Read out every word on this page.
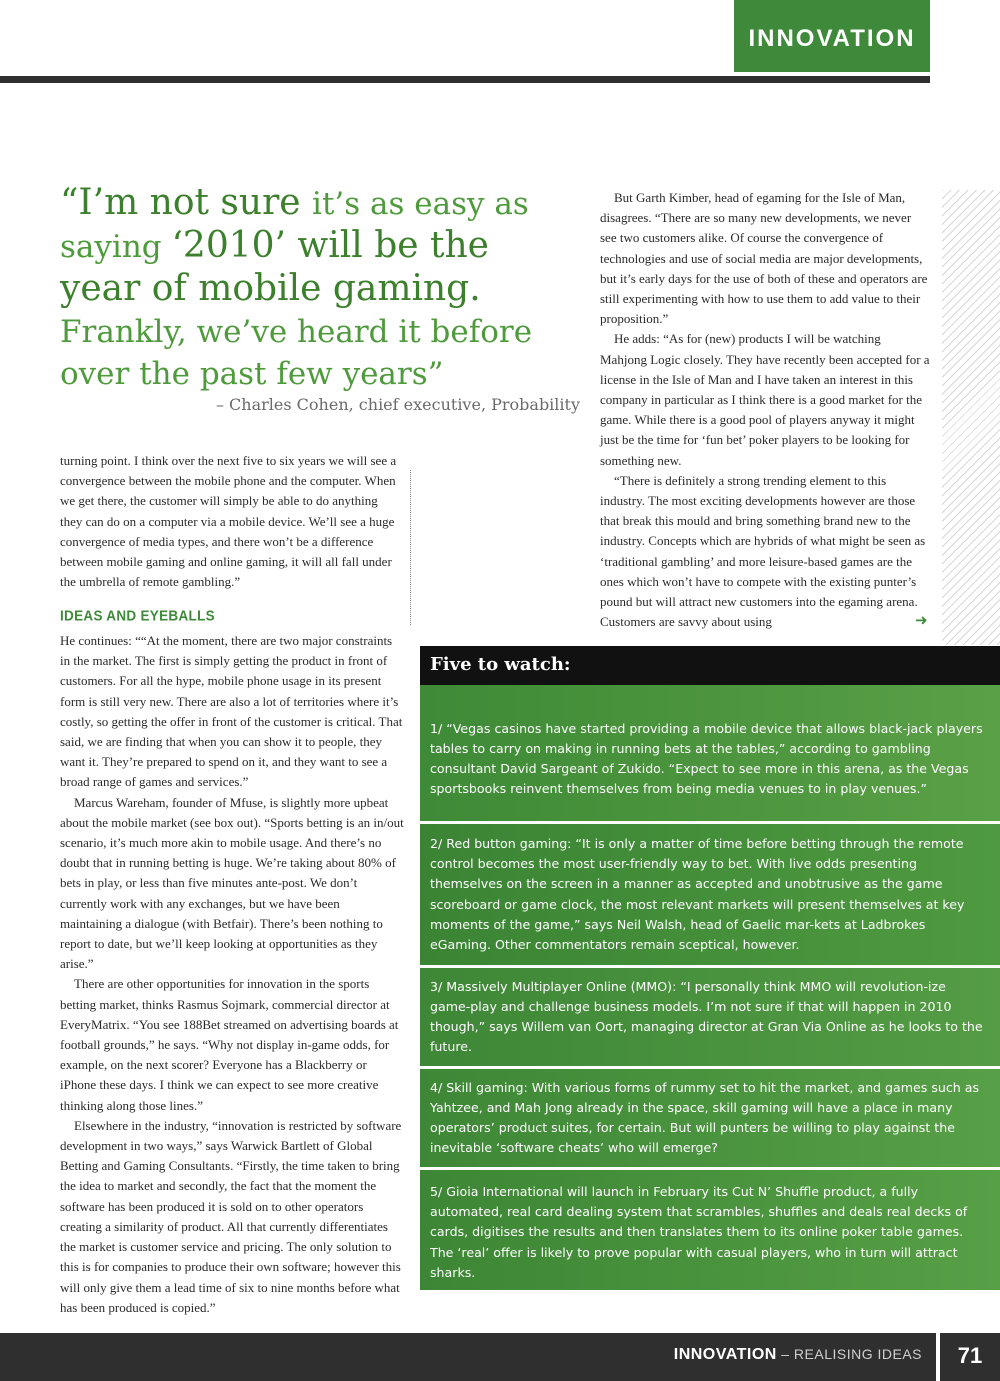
INNOVATION
“I’m not sure it’s as easy as saying ‘2010’ will be the year of mobile gaming. Frankly, we’ve heard it before over the past few years”
– Charles Cohen, chief executive, Probability

turning point. I think over the next five to six years we will see a convergence between the mobile phone and the computer. When we get there, the customer will simply be able to do anything they can do on a computer via a mobile device. We’ll see a huge convergence of media types, and there won’t be a difference between mobile gaming and online gaming, it will all fall under the umbrella of remote gambling.”

IDEAS AND EYEBALLS

He continues: ““At the moment, there are two major constraints in the market. The first is simply getting the product in front of customers. For all the hype, mobile phone usage in its present form is still very new. There are also a lot of territories where it’s costly, so getting the offer in front of the customer is critical. That said, we are finding that when you can show it to people, they want it. They’re prepared to spend on it, and they want to see a broad range of games and services.”

Marcus Wareham, founder of Mfuse, is slightly more upbeat about the mobile market (see box out). “Sports betting is an in/out scenario, it’s much more akin to mobile usage. And there’s no doubt that in running betting is huge. We’re taking about 80% of bets in play, or less than five minutes ante-post. We don’t currently work with any exchanges, but we have been maintaining a dialogue (with Betfair). There’s been nothing to report to date, but we’ll keep looking at opportunities as they arise.”

There are other opportunities for innovation in the sports betting market, thinks Rasmus Sojmark, commercial director at EveryMatrix. “You see 188Bet streamed on advertising boards at football grounds,” he says. “Why not display in-game odds, for example, on the next scorer? Everyone has a Blackberry or iPhone these days. I think we can expect to see more creative thinking along those lines.”

Elsewhere in the industry, “innovation is restricted by software development in two ways,” says Warwick Bartlett of Global Betting and Gaming Consultants. “Firstly, the time taken to bring the idea to market and secondly, the fact that the moment the software has been produced it is sold on to other operators creating a similarity of product. All that currently differentiates the market is customer service and pricing. The only solution to this is for companies to produce their own software; however this will only give them a lead time of six to nine months before what has been produced is copied.”

But Garth Kimber, head of egaming for the Isle of Man, disagrees. “There are so many new developments, we never see two customers alike. Of course the convergence of technologies and use of social media are major developments, but it’s early days for the use of both of these and operators are still experimenting with how to use them to add value to their proposition.”

He adds: “As for (new) products I will be watching Mahjong Logic closely. They have recently been accepted for a license in the Isle of Man and I have taken an interest in this company in particular as I think there is a good market for the game. While there is a good pool of players anyway it might just be the time for ‘fun bet’ poker players to be looking for something new.

“There is definitely a strong trending element to this industry. The most exciting developments however are those that break this mould and bring something brand new to the industry. Concepts which are hybrids of what might be seen as ‘traditional gambling’ and more leisure-based games are the ones which won’t have to compete with the existing punter’s pound but will attract new customers into the egaming arena. Customers are savvy about using	➜
Five to watch:
1/ “Vegas casinos have started providing a mobile device that allows black-jack players tables to carry on making in running bets at the tables,” according to gambling consultant David Sargeant of Zukido. “Expect to see more in this arena, as the Vegas sportsbooks reinvent themselves from being media venues to in play venues.”
2/ Red button gaming: “It is only a matter of time before betting through the remote control becomes the most user-friendly way to bet. With live odds presenting themselves on the screen in a manner as accepted and unobtrusive as the game scoreboard or game clock, the most relevant markets will present themselves at key moments of the game,” says Neil Walsh, head of Gaelic mar-kets at Ladbrokes eGaming. Other commentators remain sceptical, however.
3/ Massively Multiplayer Online (MMO): “I personally think MMO will revolution-ize game-play and challenge business models. I’m not sure if that will happen in 2010 though,” says Willem van Oort, managing director at Gran Via Online as he looks to the future.
4/ Skill gaming: With various forms of rummy set to hit the market, and games such as Yahtzee, and Mah Jong already in the space, skill gaming will have a place in many operators’ product suites, for certain. But will punters be willing to play against the inevitable ‘software cheats’ who will emerge?
5/ Gioia International will launch in February its Cut N’ Shuffle product, a fully automated, real card dealing system that scrambles, shuffles and deals real decks of cards, digitises the results and then translates them to its online poker table games. The ‘real’ offer is likely to prove popular with casual players, who in turn will attract sharks.
INNOVATION – REALISING IDEAS	71
